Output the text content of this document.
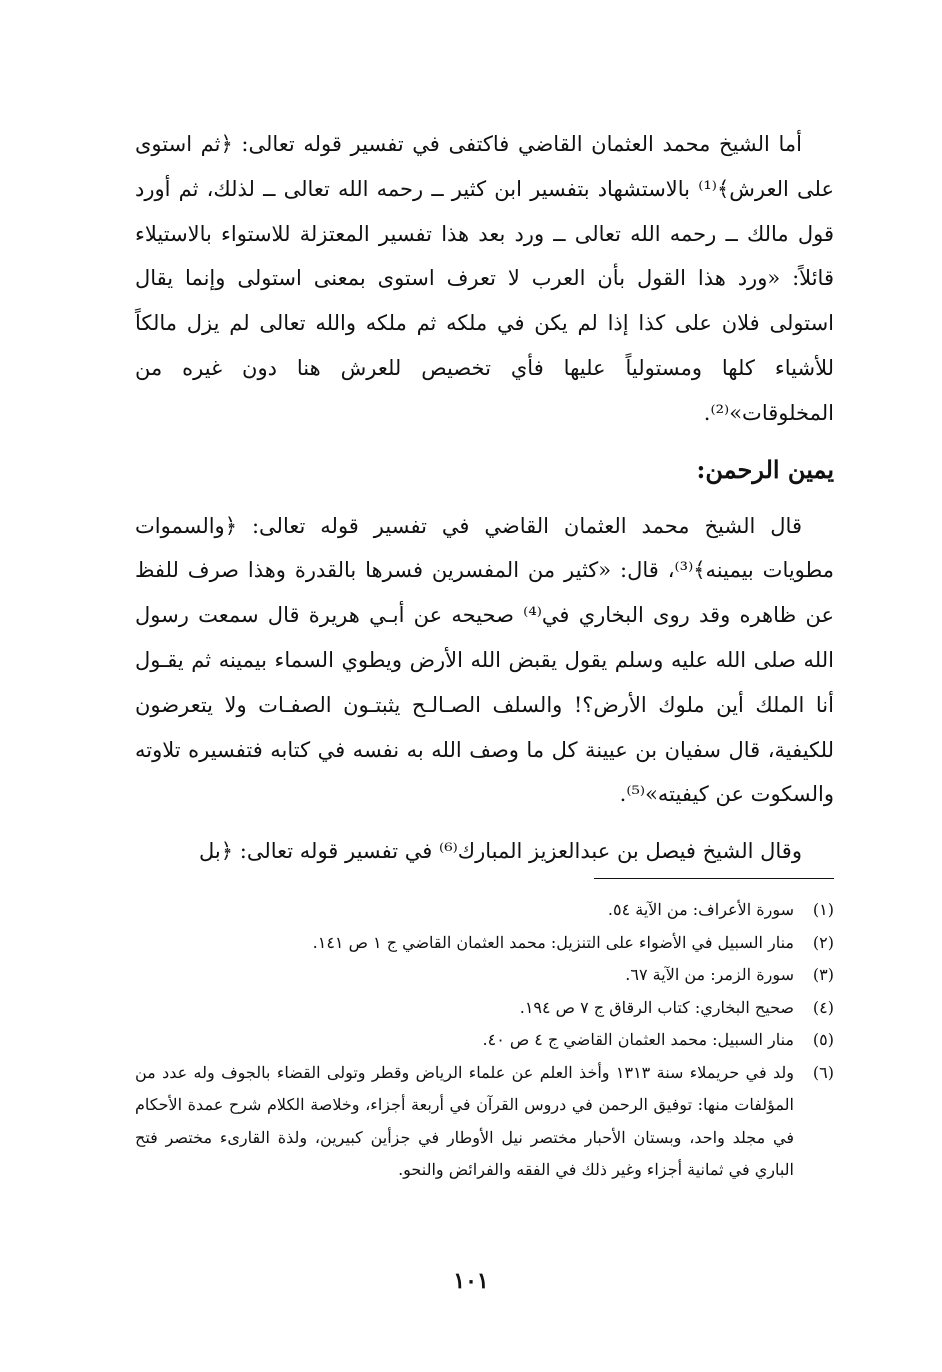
أما الشيخ محمد العثمان القاضي فاكتفى في تفسير قوله تعالى: ﴿ثم استوى على العرش﴾⁽¹⁾ بالاستشهاد بتفسير ابن كثير ــ رحمه الله تعالى ــ لذلك، ثم أورد قول مالك ــ رحمه الله تعالى ــ ورد بعد هذا تفسير المعتزلة للاستواء بالاستيلاء قائلاً: «ورد هذا القول بأن العرب لا تعرف استوى بمعنى استولى وإنما يقال استولى فلان على كذا إذا لم يكن في ملكه ثم ملكه والله تعالى لم يزل مالكاً للأشياء كلها ومستولياً عليها فأي تخصيص للعرش هنا دون غيره من المخلوقات»⁽²⁾.

يمين الرحمن:

قال الشيخ محمد العثمان القاضي في تفسير قوله تعالى: ﴿والسموات مطويات بيمينه﴾⁽³⁾، قال: «كثير من المفسرين فسرها بالقدرة وهذا صرف للفظ عن ظاهره وقد روى البخاري في⁽⁴⁾ صحيحه عن أبـي هريرة قال سمعت رسول الله صلى الله عليه وسلم يقول يقبض الله الأرض ويطوي السماء بيمينه ثم يقـول أنا الملك أين ملوك الأرض؟! والسلف الصـالـح يثبتـون الصفـات ولا يتعرضون للكيفية، قال سفيان بن عيينة كل ما وصف الله به نفسه في كتابه فتفسيره تلاوته والسكوت عن كيفيته»⁽⁵⁾.

وقال الشيخ فيصل بن عبدالعزيز المبارك⁽⁶⁾ في تفسير قوله تعالى: ﴿بل

(١)
سورة الأعراف: من الآية ٥٤.
(٢)
منار السبيل في الأضواء على التنزيل: محمد العثمان القاضي ج ١ ص ١٤١.
(٣)
سورة الزمر: من الآية ٦٧.
(٤)
صحيح البخاري: كتاب الرقاق ج ٧ ص ١٩٤.
(٥)
منار السبيل: محمد العثمان القاضي ج ٤ ص ٤٠.
(٦)
ولد في حريملاء سنة ١٣١٣ وأخذ العلم عن علماء الرياض وقطر وتولى القضاء بالجوف وله عدد من المؤلفات منها: توفيق الرحمن في دروس القرآن في أربعة أجزاء، وخلاصة الكلام شرح عمدة الأحكام في مجلد واحد، وبستان الأحبار مختصر نيل الأوطار في جزأين كبيرين، ولذة القارىء مختصر فتح الباري في ثمانية أجزاء وغير ذلك في الفقه والفرائض والنحو.
١٠١
